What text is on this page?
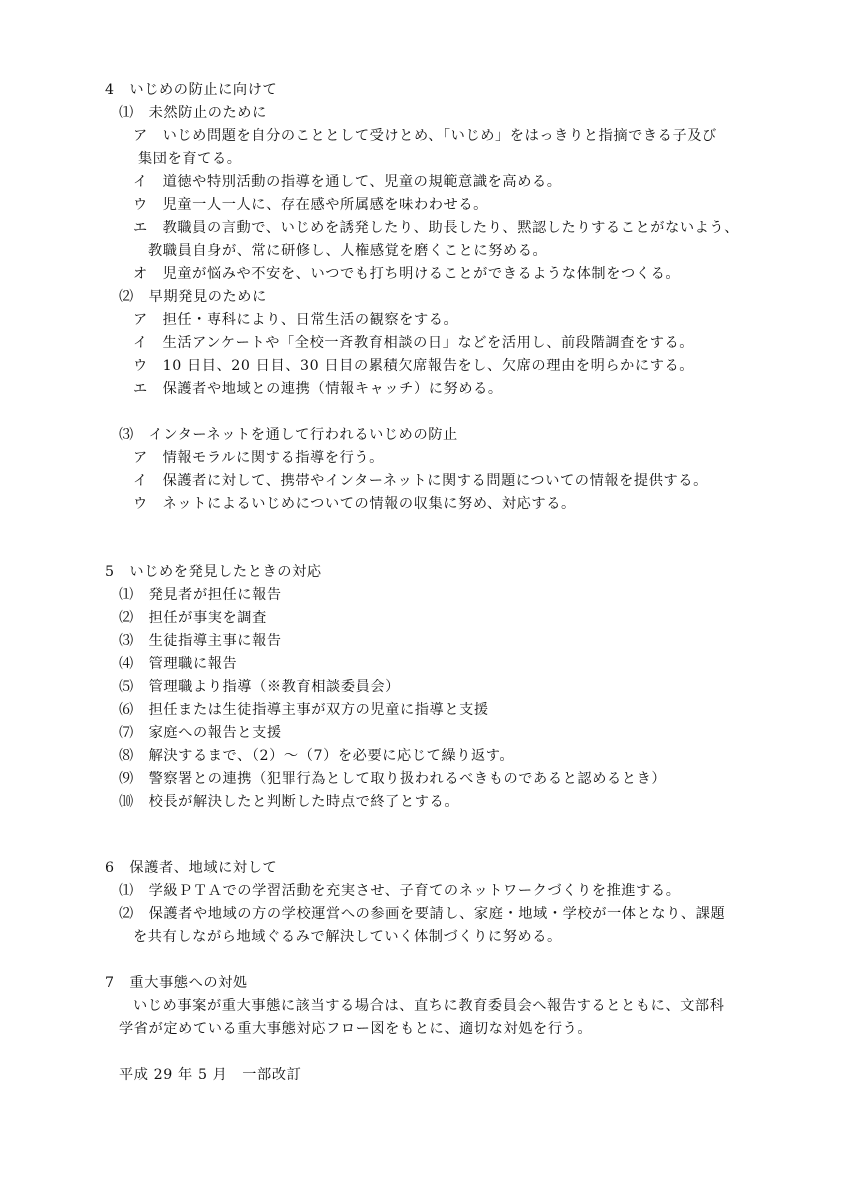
4　いじめの防止に向けて
⑴　未然防止のために
ア　いじめ問題を自分のこととして受けとめ、「いじめ」をはっきりと指摘できる子及び
集団を育てる。
イ　道徳や特別活動の指導を通して、児童の規範意識を高める。
ウ　児童一人一人に、存在感や所属感を味わわせる。
エ　教職員の言動で、いじめを誘発したり、助長したり、黙認したりすることがないよう、
教職員自身が、常に研修し、人権感覚を磨くことに努める。
オ　児童が悩みや不安を、いつでも打ち明けることができるような体制をつくる。
⑵　早期発見のために
ア　担任・専科により、日常生活の観察をする。
イ　生活アンケートや「全校一斉教育相談の日」などを活用し、前段階調査をする。
ウ　10 日目、20 日目、30 日目の累積欠席報告をし、欠席の理由を明らかにする。
エ　保護者や地域との連携（情報キャッチ）に努める。
⑶　インターネットを通して行われるいじめの防止
ア　情報モラルに関する指導を行う。
イ　保護者に対して、携帯やインターネットに関する問題についての情報を提供する。
ウ　ネットによるいじめについての情報の収集に努め、対応する。
5　いじめを発見したときの対応
⑴　発見者が担任に報告
⑵　担任が事実を調査
⑶　生徒指導主事に報告
⑷　管理職に報告
⑸　管理職より指導（※教育相談委員会）
⑹　担任または生徒指導主事が双方の児童に指導と支援
⑺　家庭への報告と支援
⑻　解決するまで、（2）～（7）を必要に応じて繰り返す。
⑼　警察署との連携（犯罪行為として取り扱われるべきものであると認めるとき）
⑽　校長が解決したと判断した時点で終了とする。
6　保護者、地域に対して
⑴　学級ＰＴＡでの学習活動を充実させ、子育てのネットワークづくりを推進する。
⑵　保護者や地域の方の学校運営への参画を要請し、家庭・地域・学校が一体となり、課題
を共有しながら地域ぐるみで解決していく体制づくりに努める。
7　重大事態への対処
いじめ事案が重大事態に該当する場合は、直ちに教育委員会へ報告するとともに、文部科
学省が定めている重大事態対応フロー図をもとに、適切な対処を行う。
平成 29 年 5 月　一部改訂
